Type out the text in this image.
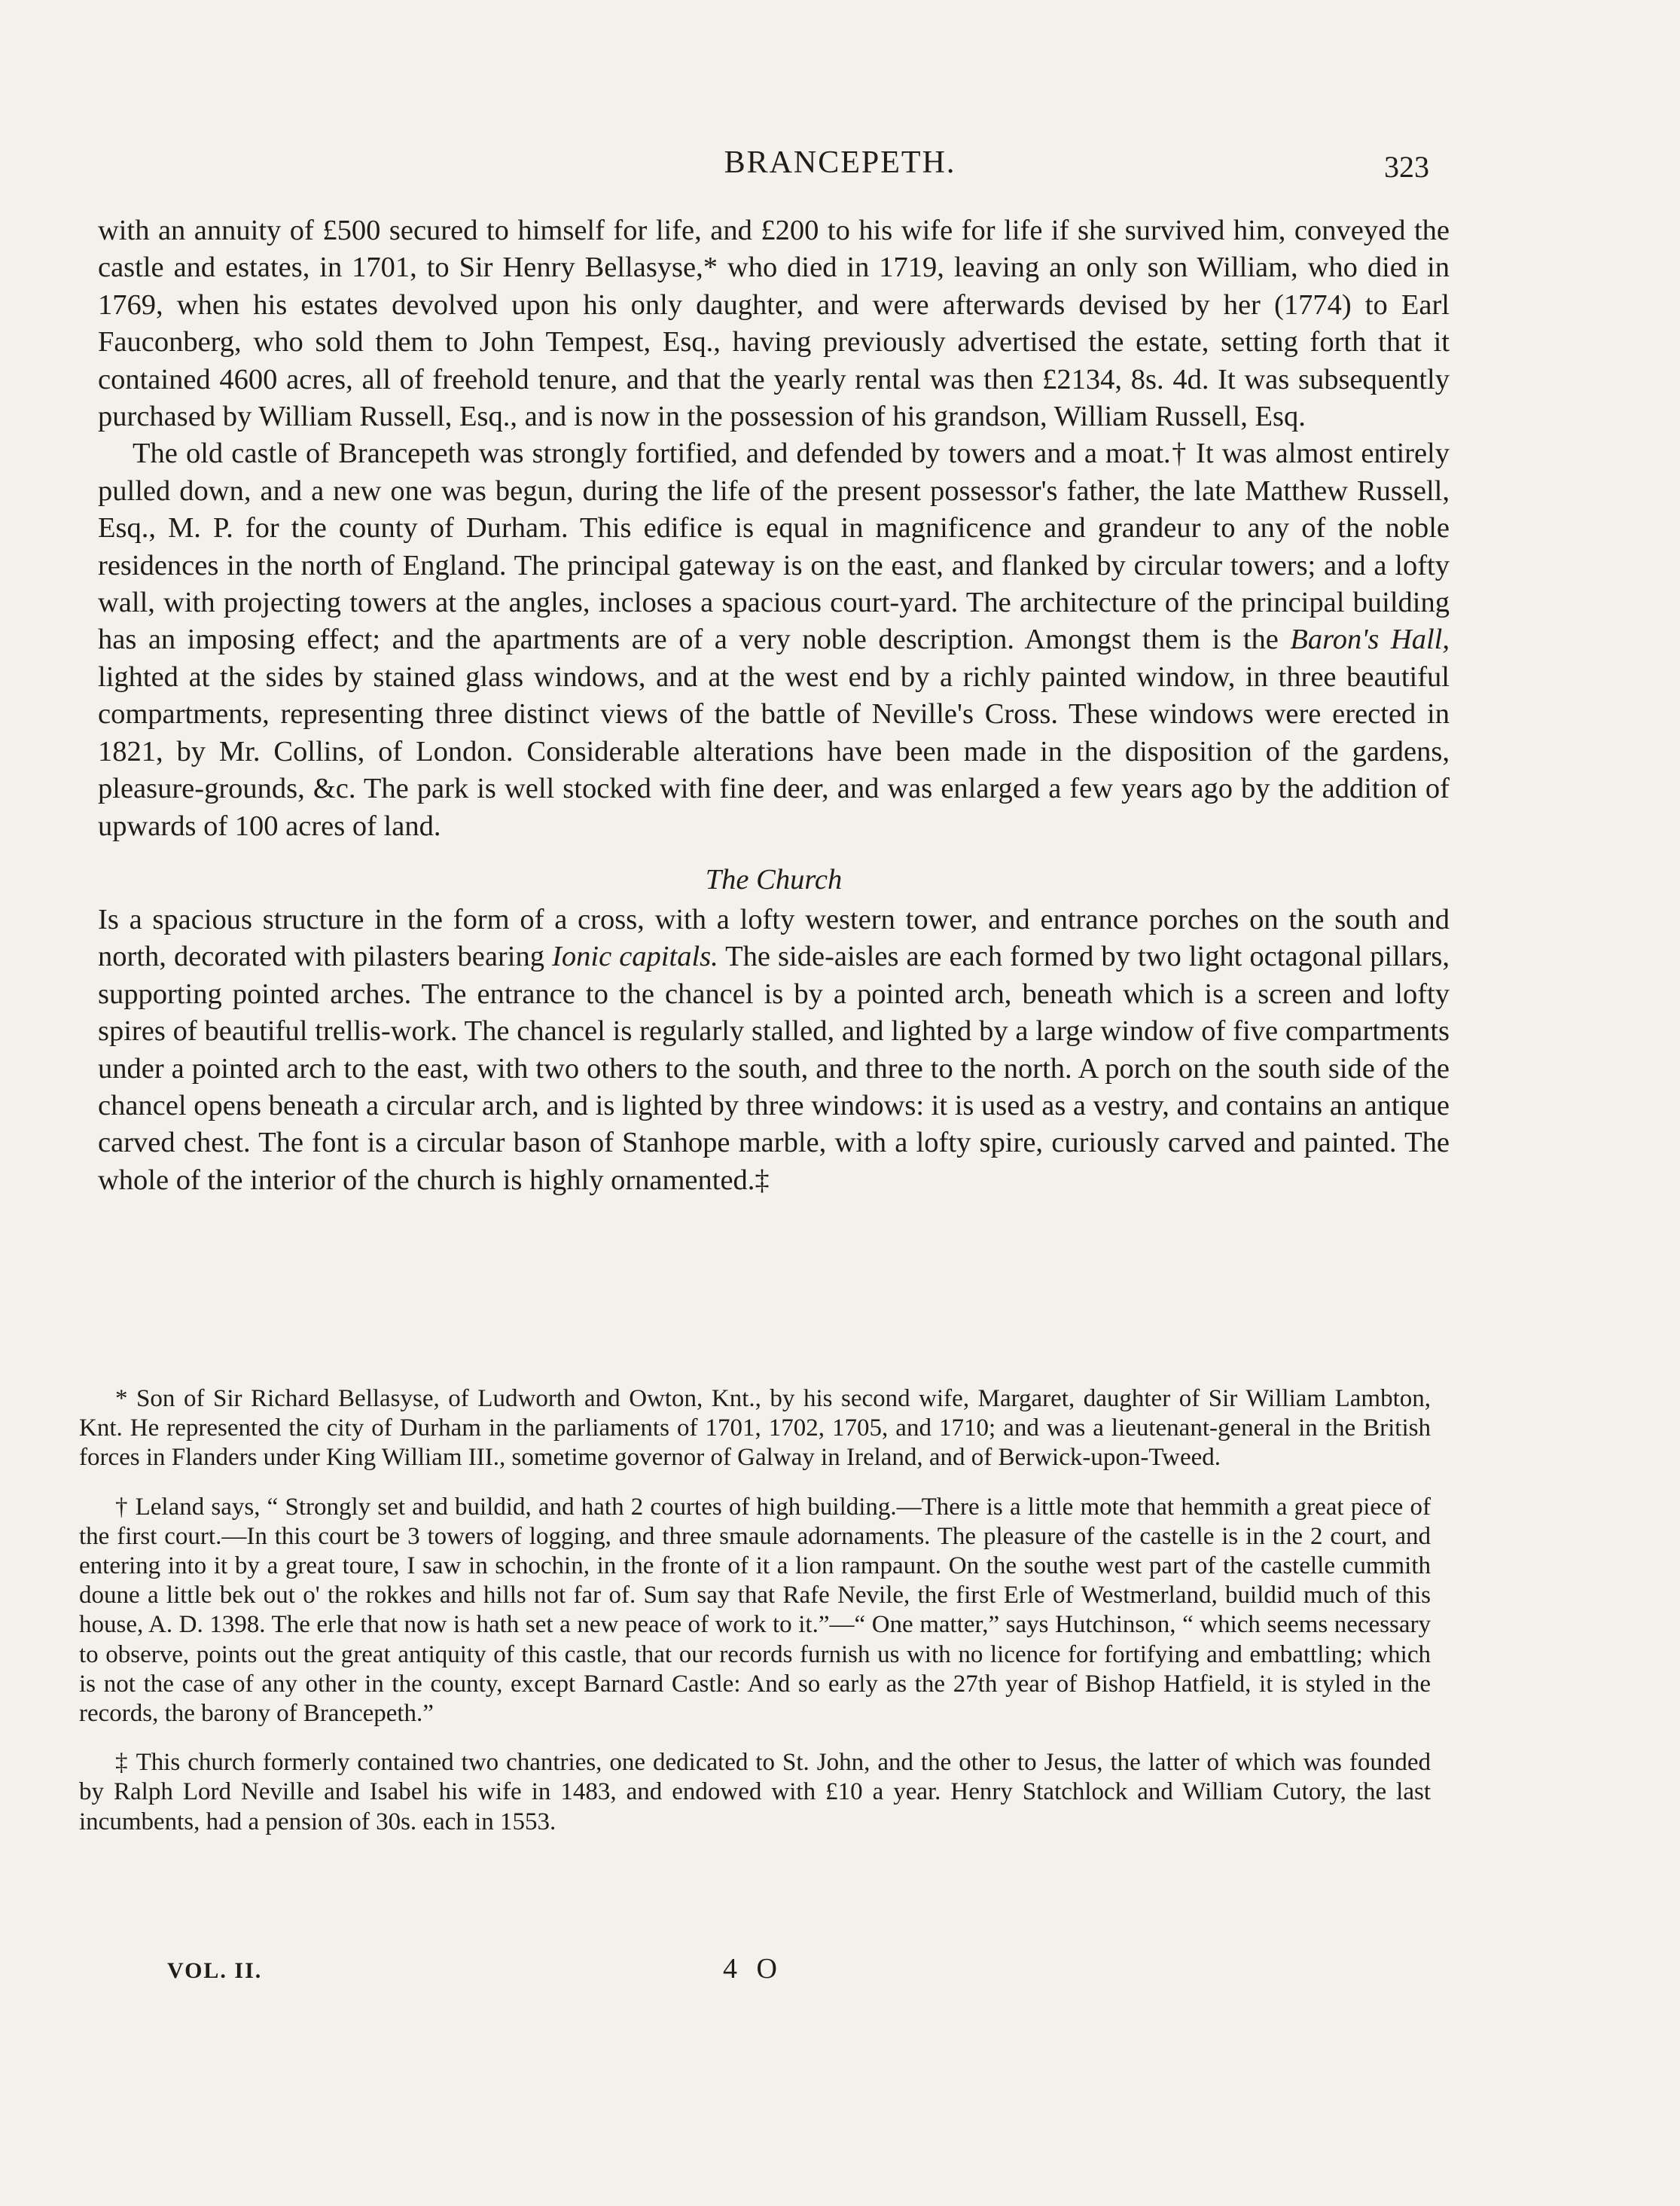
BRANCEPETH.	323

with an annuity of £500 secured to himself for life, and £200 to his wife for life if she survived him, conveyed the castle and estates, in 1701, to Sir Henry Bellasyse,* who died in 1719, leaving an only son William, who died in 1769, when his estates devolved upon his only daughter, and were afterwards devised by her (1774) to Earl Fauconberg, who sold them to John Tempest, Esq., having previously advertised the estate, setting forth that it contained 4600 acres, all of freehold tenure, and that the yearly rental was then £2134, 8s. 4d. It was subsequently purchased by William Russell, Esq., and is now in the possession of his grandson, William Russell, Esq.

The old castle of Brancepeth was strongly fortified, and defended by towers and a moat.† It was almost entirely pulled down, and a new one was begun, during the life of the present possessor's father, the late Matthew Russell, Esq., M. P. for the county of Durham. This edifice is equal in magnificence and grandeur to any of the noble residences in the north of England. The principal gateway is on the east, and flanked by circular towers; and a lofty wall, with projecting towers at the angles, incloses a spacious court-yard. The architecture of the principal building has an imposing effect; and the apartments are of a very noble description. Amongst them is the Baron's Hall, lighted at the sides by stained glass windows, and at the west end by a richly painted window, in three beautiful compartments, representing three distinct views of the battle of Neville's Cross. These windows were erected in 1821, by Mr. Collins, of London. Considerable alterations have been made in the disposition of the gardens, pleasure-grounds, &c. The park is well stocked with fine deer, and was enlarged a few years ago by the addition of upwards of 100 acres of land.

The Church

Is a spacious structure in the form of a cross, with a lofty western tower, and entrance porches on the south and north, decorated with pilasters bearing Ionic capitals. The side-aisles are each formed by two light octagonal pillars, supporting pointed arches. The entrance to the chancel is by a pointed arch, beneath which is a screen and lofty spires of beautiful trellis-work. The chancel is regularly stalled, and lighted by a large window of five compartments under a pointed arch to the east, with two others to the south, and three to the north. A porch on the south side of the chancel opens beneath a circular arch, and is lighted by three windows: it is used as a vestry, and contains an antique carved chest. The font is a circular bason of Stanhope marble, with a lofty spire, curiously carved and painted. The whole of the interior of the church is highly ornamented.‡

* Son of Sir Richard Bellasyse, of Ludworth and Owton, Knt., by his second wife, Margaret, daughter of Sir William Lambton, Knt. He represented the city of Durham in the parliaments of 1701, 1702, 1705, and 1710; and was a lieutenant-general in the British forces in Flanders under King William III., sometime governor of Galway in Ireland, and of Berwick-upon-Tweed.

† Leland says, “ Strongly set and buildid, and hath 2 courtes of high building.—There is a little mote that hemmith a great piece of the first court.—In this court be 3 towers of logging, and three smaule adornaments. The pleasure of the castelle is in the 2 court, and entering into it by a great toure, I saw in schochin, in the fronte of it a lion rampaunt. On the southe west part of the castelle cummith doune a little bek out o' the rokkes and hills not far of. Sum say that Rafe Nevile, the first Erle of Westmerland, buildid much of this house, A. D. 1398. The erle that now is hath set a new peace of work to it.”—“ One matter,” says Hutchinson, “ which seems necessary to observe, points out the great antiquity of this castle, that our records furnish us with no licence for fortifying and embattling; which is not the case of any other in the county, except Barnard Castle: And so early as the 27th year of Bishop Hatfield, it is styled in the records, the barony of Brancepeth.”

‡ This church formerly contained two chantries, one dedicated to St. John, and the other to Jesus, the latter of which was founded by Ralph Lord Neville and Isabel his wife in 1483, and endowed with £10 a year. Henry Statchlock and William Cutory, the last incumbents, had a pension of 30s. each in 1553.

VOL. II.	4 O
